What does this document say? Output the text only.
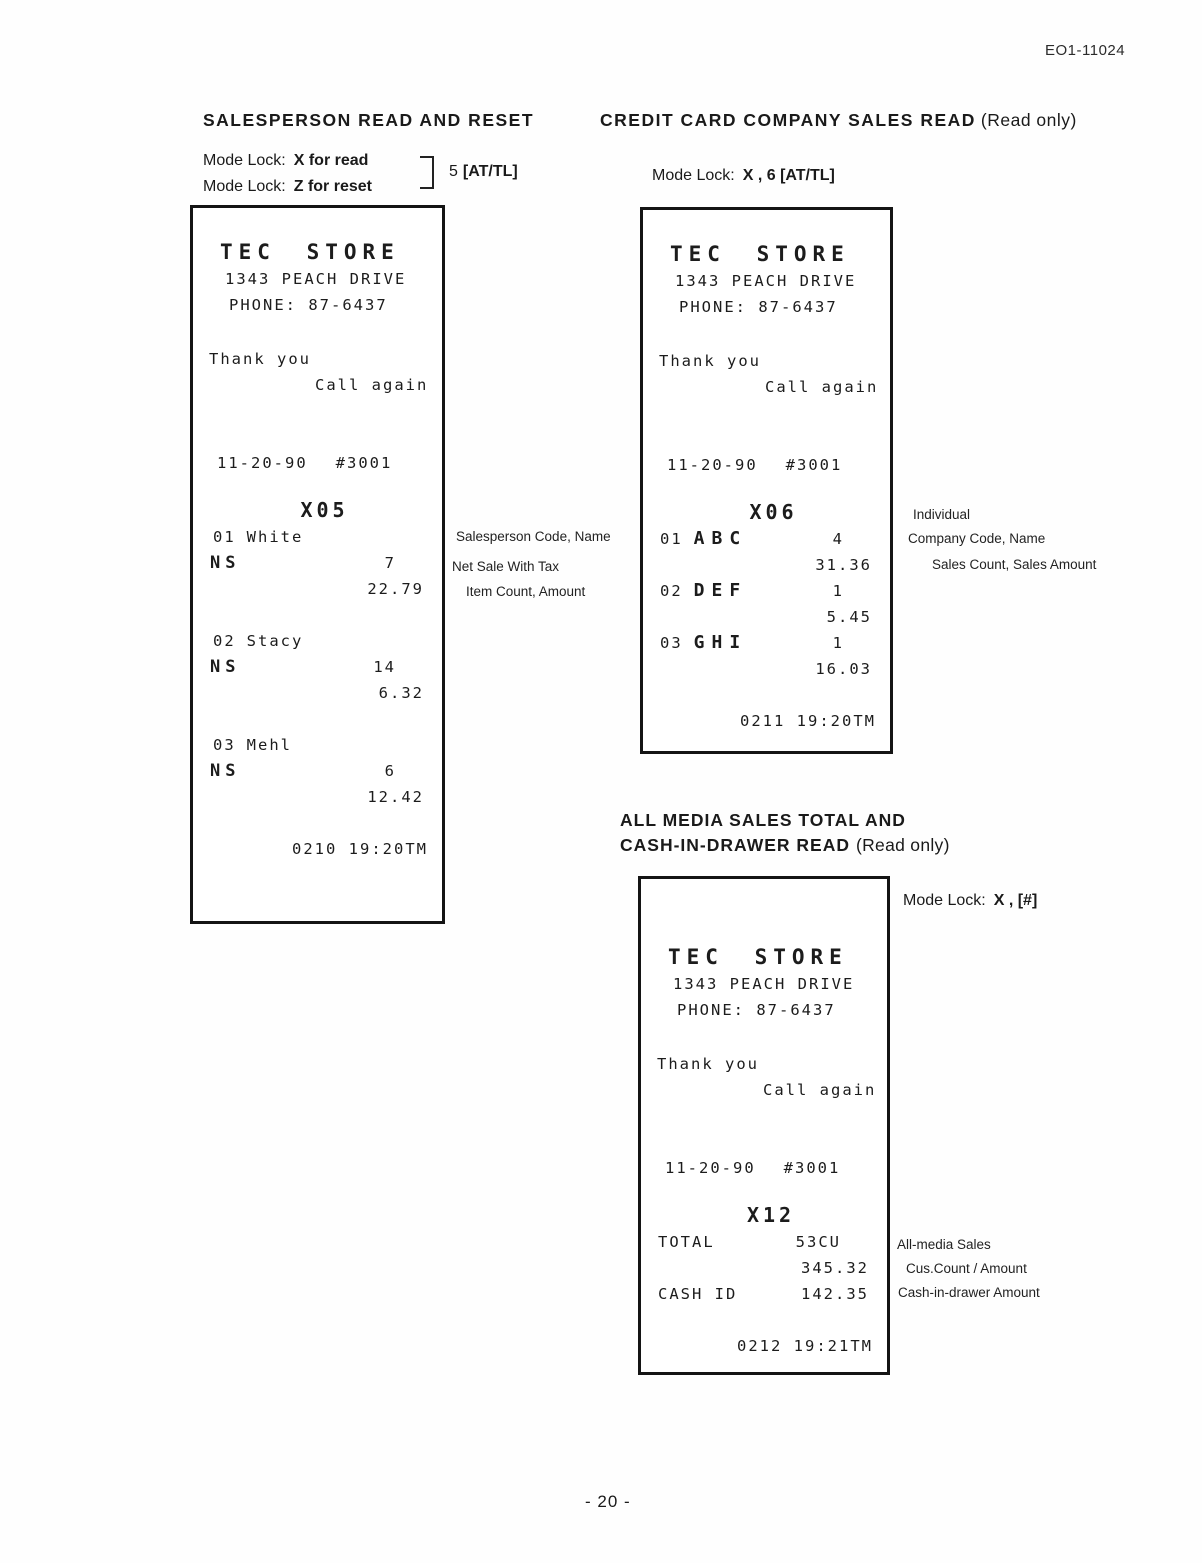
EO1-11024
SALESPERSON READ AND RESET
Mode Lock: X for read
Mode Lock: Z for reset
5 [AT/TL]
TEC STORE
1343 PEACH DRIVE
PHONE: 87-6437
Thank you
Call again
11-20-90 #3001
X05
01 White
NS	7
22.79
02 Stacy
NS	14
6.32
03 Mehl
NS	6
12.42
0210 19:20TM
Salesperson Code, Name
Net Sale With Tax
Item Count, Amount
CREDIT CARD COMPANY SALES READ (Read only)
Mode Lock: X , 6 [AT/TL]
TEC STORE
1343 PEACH DRIVE
PHONE: 87-6437
Thank you
Call again
11-20-90 #3001
X06
01 ABC	4
31.36
02 DEF	1
5.45
03 GHI	1
16.03
0211 19:20TM
Individual
Company Code, Name
Sales Count, Sales Amount
ALL MEDIA SALES TOTAL AND
CASH-IN-DRAWER READ (Read only)
Mode Lock: X , [#]
TEC STORE
1343 PEACH DRIVE
PHONE: 87-6437
Thank you
Call again
11-20-90 #3001
X12
TOTAL	53CU
345.32
CASH ID	142.35
0212 19:21TM
All-media Sales
Cus.Count / Amount
Cash-in-drawer Amount
- 20 -
